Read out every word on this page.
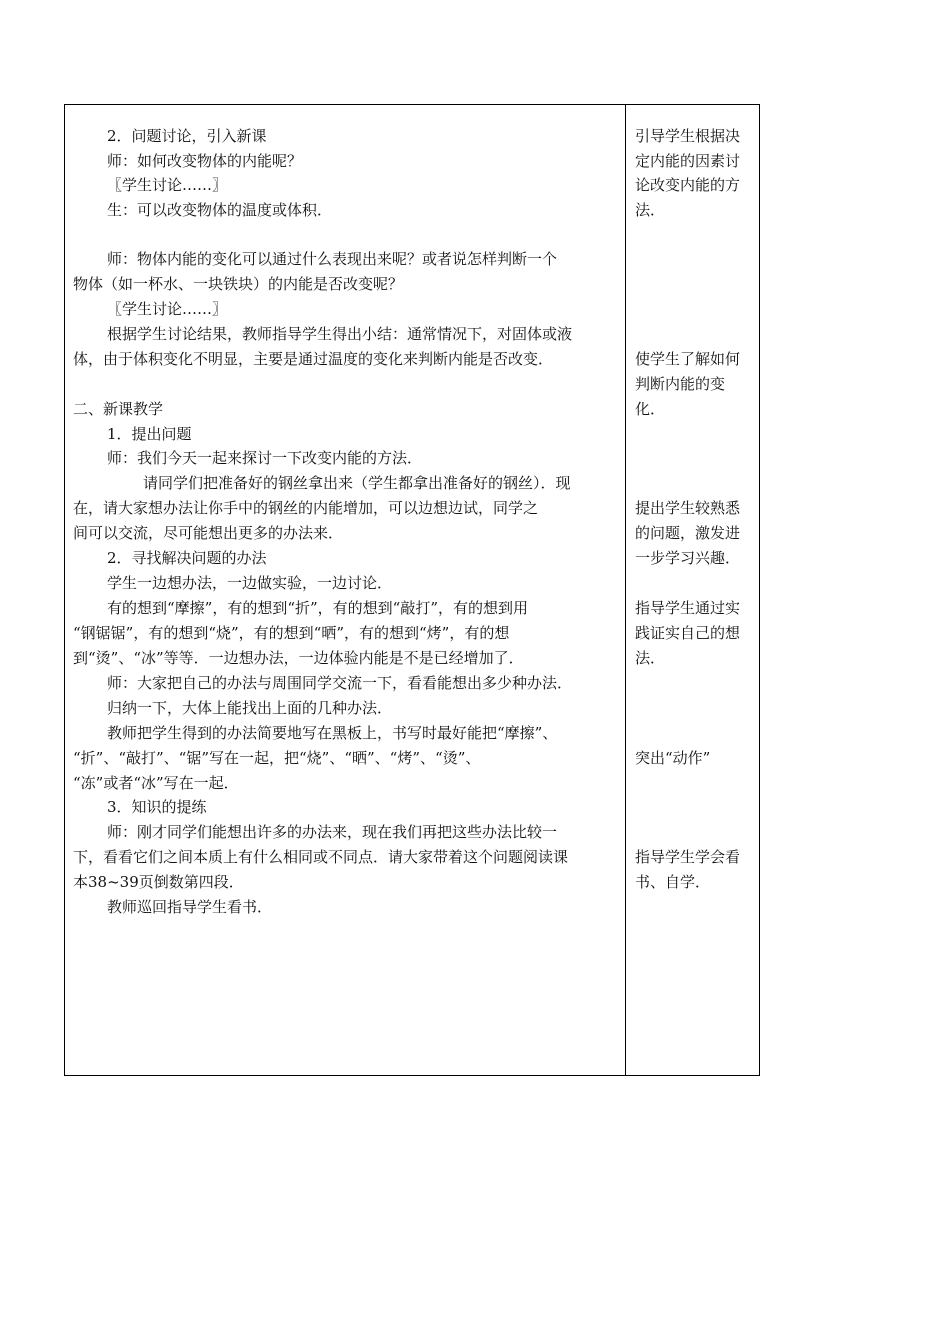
2．问题讨论，引入新课
师：如何改变物体的内能呢？
〖学生讨论……〗
生：可以改变物体的温度或体积．
师：物体内能的变化可以通过什么表现出来呢？或者说怎样判断一个
物体（如一杯水、一块铁块）的内能是否改变呢？
〖学生讨论……〗
根据学生讨论结果，教师指导学生得出小结：通常情况下，对固体或液
体，由于体积变化不明显，主要是通过温度的变化来判断内能是否改变．
二、新课教学
1．提出问题
师：我们今天一起来探讨一下改变内能的方法．
请同学们把准备好的钢丝拿出来（学生都拿出准备好的钢丝）．现
在，请大家想办法让你手中的钢丝的内能增加，可以边想边试，同学之
间可以交流，尽可能想出更多的办法来．
2．寻找解决问题的办法
学生一边想办法，一边做实验，一边讨论．
有的想到“摩擦”，有的想到“折”，有的想到“敲打”，有的想到用
“钢锯锯”，有的想到“烧”，有的想到“晒”，有的想到“烤”，有的想
到“烫”、“冰”等等．一边想办法，一边体验内能是不是已经增加了．
师：大家把自己的办法与周围同学交流一下，看看能想出多少种办法．
归纳一下，大体上能找出上面的几种办法．
教师把学生得到的办法简要地写在黑板上，书写时最好能把“摩擦”、
“折”、“敲打”、“锯”写在一起，把“烧”、“晒”、“烤”、“烫”、
“冻”或者“冰”写在一起．
3．知识的提练
师：刚才同学们能想出许多的办法来，现在我们再把这些办法比较一
下，看看它们之间本质上有什么相同或不同点．请大家带着这个问题阅读课
本38~39页倒数第四段．
教师巡回指导学生看书．
引导学生根据决
定内能的因素讨
论改变内能的方
法．
使学生了解如何
判断内能的变
化．
提出学生较熟悉
的问题，激发进
一步学习兴趣．
指导学生通过实
践证实自己的想
法．
突出“动作”
指导学生学会看
书、自学．
